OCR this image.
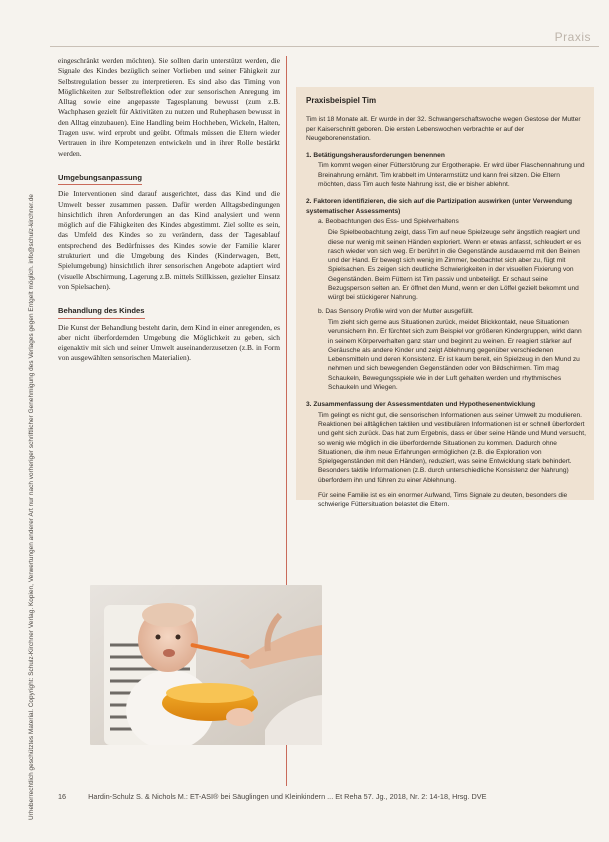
Praxis
Urheberrechtlich geschütztes Material. Copyright: Schulz-Kirchner Verlag. Kopien, Verwertungen anderer Art nur nach vorheriger schriftlicher Genehmigung des Verlages gegen Entgelt möglich. info@schulz-kirchner.de

eingeschränkt werden möchten). Sie sollten darin unterstützt werden, die Signale des Kindes bezüglich seiner Vorlieben und seiner Fähigkeit zur Selbstregulation besser zu interpretieren. Es sind also das Timing von Möglichkeiten zur Selbstreflektion oder zur sensorischen Anregung im Alltag sowie eine angepasste Tagesplanung bewusst (zum z.B. Wachphasen gezielt für Aktivitäten zu nutzen und Ruhephasen bewusst in den Alltag einzubauen). Eine Handling beim Hochheben, Wickeln, Halten, Tragen usw. wird erprobt und geübt. Oftmals müssen die Eltern wieder Vertrauen in ihre Kompetenzen entwickeln und in ihrer Rolle bestärkt werden.

Umgebungsanpassung

Die Interventionen sind darauf ausgerichtet, dass das Kind und die Umwelt besser zusammen passen. Dafür werden Alltagsbedingungen hinsichtlich ihren Anforderungen an das Kind analysiert und wenn möglich auf die Fähigkeiten des Kindes abgestimmt. Ziel sollte es sein, das Umfeld des Kindes so zu verändern, dass der Tagesablauf entsprechend des Bedürfnisses des Kindes sowie der Familie klarer strukturiert und die Umgebung des Kindes (Kinderwagen, Bett, Spielumgebung) hinsichtlich ihrer sensorischen Angebote adaptiert wird (visuelle Abschirmung, Lagerung z.B. mittels Stillkissen, gezielter Einsatz von Spielsachen).

Behandlung des Kindes

Die Kunst der Behandlung besteht darin, dem Kind in einer anregenden, es aber nicht überfordernden Umgebung die Möglichkeit zu geben, sich eigenaktiv mit sich und seiner Umwelt auseinanderzusetzen (z.B. in Form von ausgewählten sensorischen Materialien).

Praxisbeispiel Tim

Tim ist 18 Monate alt. Er wurde in der 32. Schwangerschaftswoche wegen Gestose der Mutter per Kaiserschnitt geboren. Die ersten Lebenswochen verbrachte er auf der Neugeborenenstation.

1. Betätigungsherausforderungen benennen
Tim kommt wegen einer Fütterstörung zur Ergotherapie. Er wird über Flaschennahrung und Breinahrung ernährt. Tim krabbelt im Unterarmstütz und kann frei sitzen. Die Eltern möchten, dass Tim auch feste Nahrung isst, die er bisher ablehnt.
2. Faktoren identifizieren, die sich auf die Partizipation auswirken (unter Verwendung systematischer Assessments)
a. Beobachtungen des Ess- und Spielverhaltens
Die Spielbeobachtung zeigt, dass Tim auf neue Spielzeuge sehr ängstlich reagiert und diese nur wenig mit seinen Händen exploriert. Wenn er etwas anfasst, schleudert er es rasch wieder von sich weg. Er berührt in die Gegenstände ausdauernd mit den Beinen und der Hand. Er bewegt sich wenig im Zimmer, beobachtet sich aber zu, fügt mit Spielsachen. Es zeigen sich deutliche Schwierigkeiten in der visuellen Fixierung von Gegenständen. Beim Füttern ist Tim passiv und unbeteiligt. Er schaut seine Bezugsperson selten an. Er öffnet den Mund, wenn er den Löffel gezielt bekommt und würgt bei stückigerer Nahrung.
b. Das Sensory Profile wird von der Mutter ausgefüllt.
Tim zieht sich gerne aus Situationen zurück, meidet Blickkontakt, neue Situationen verunsichern ihn. Er fürchtet sich zum Beispiel vor größeren Kindergruppen, wirkt dann in seinem Körperverhalten ganz starr und beginnt zu weinen. Er reagiert stärker auf Geräusche als andere Kinder und zeigt Ablehnung gegenüber verschiedenen Lebensmitteln und deren Konsistenz. Er ist kaum bereit, ein Spielzeug in den Mund zu nehmen und sich bewegenden Gegenständen oder von Bildschirmen. Tim mag Schaukeln, Bewegungsspiele wie in der Luft gehalten werden und rhythmisches Schaukeln und Wiegen.
3. Zusammenfassung der Assessmentdaten und Hypothesenentwicklung
Tim gelingt es nicht gut, die sensorischen Informationen aus seiner Umwelt zu modulieren. Reaktionen bei alltäglichen taktilen und vestibulären Informationen ist er schnell überfordert und geht sich zurück. Das hat zum Ergebnis, dass er über seine Hände und Mund versucht, so wenig wie möglich in die überfordernde Situationen zu kommen. Dadurch ohne Situationen, die ihm neue Erfahrungen ermöglichen (z.B. die Exploration von Spielgegenständen mit den Händen), reduziert, was seine Entwicklung stark behindert. Besonders taktile Informationen (z.B. durch unterschiedliche Konsistenz der Nahrung) überfordern ihn und führen zu einer Ablehnung.
Für seine Familie ist es ein enormer Aufwand, Tims Signale zu deuten, besonders die schwierige Füttersituation belastet die Eltern.
16	Hardin-Schulz S. & Nichols M.: ET-ASI® bei Säuglingen und Kleinkindern ... Et Reha 57. Jg., 2018, Nr. 2: 14-18, Hrsg. DVE
